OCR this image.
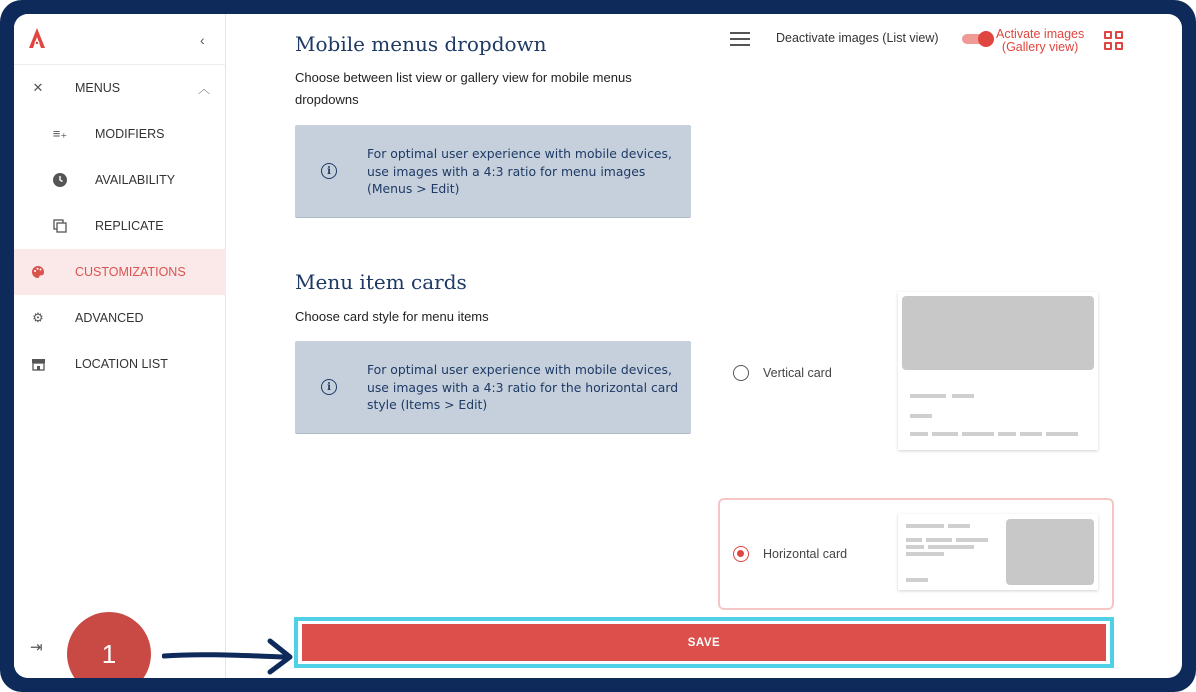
‹
✕	MENUS	︿
≡₊ MODIFIERS
AVAILABILITY
REPLICATE
CUSTOMIZATIONS
⚙ ADVANCED
LOCATION LIST
⇥
Mobile menus dropdown

Choose between list view or gallery view for mobile menus dropdowns

i
For optimal user experience with mobile devices, use images with a 4:3 ratio for menu images (Menus > Edit)
Deactivate images (List view)	Activate images
(Gallery view)
Menu item cards

Choose card style for menu items

i
For optimal user experience with mobile devices, use images with a 4:3 ratio for the horizontal card style (Items > Edit)
Vertical card
Horizontal card
SAVE
1
